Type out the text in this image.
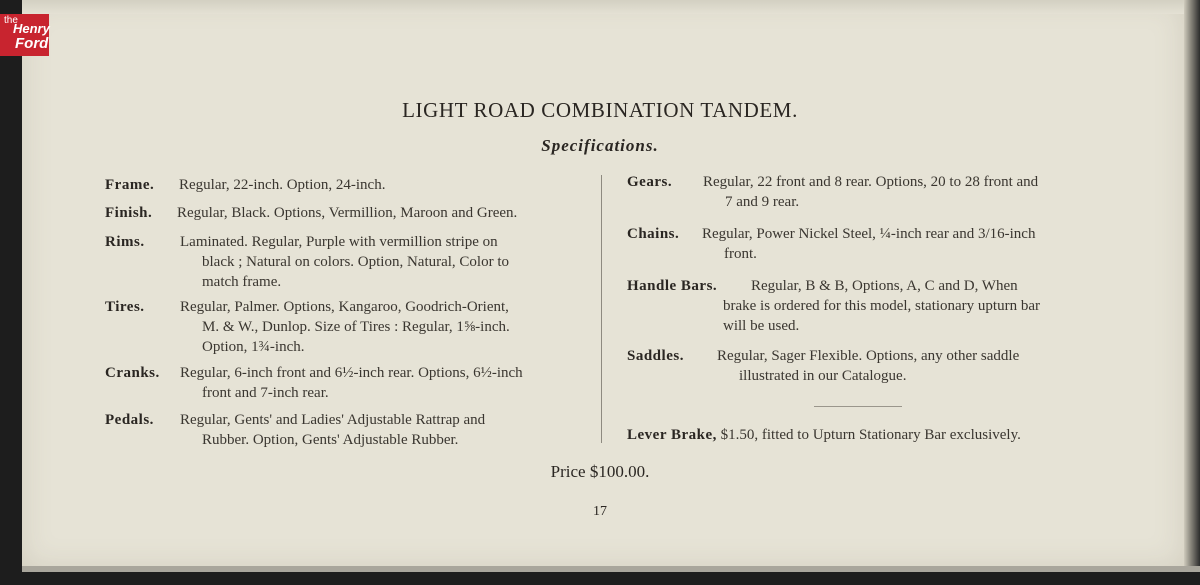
the
Henry
Ford
LIGHT ROAD COMBINATION TANDEM.
Specifications.
Frame. Regular, 22-inch. Option, 24-inch.
Finish. Regular, Black. Options, Vermillion, Maroon and Green.
Rims. Laminated. Regular, Purple with vermillion stripe on
black ; Natural on colors. Option, Natural, Color to
match frame.
Tires. Regular, Palmer. Options, Kangaroo, Goodrich-Orient,
M. & W., Dunlop. Size of Tires : Regular, 1⅝-inch.
Option, 1¾-inch.
Cranks. Regular, 6-inch front and 6½-inch rear. Options, 6½-inch
front and 7-inch rear.
Pedals. Regular, Gents' and Ladies' Adjustable Rattrap and
Rubber. Option, Gents' Adjustable Rubber.
Gears. Regular, 22 front and 8 rear. Options, 20 to 28 front and
7 and 9 rear.
Chains. Regular, Power Nickel Steel, ¼-inch rear and 3/16-inch
front.
Handle Bars. Regular, B & B, Options, A, C and D, When
brake is ordered for this model, stationary upturn bar
will be used.
Saddles. Regular, Sager Flexible. Options, any other saddle
illustrated in our Catalogue.
Lever Brake, $1.50, fitted to Upturn Stationary Bar exclusively.
Price $100.00.
17
